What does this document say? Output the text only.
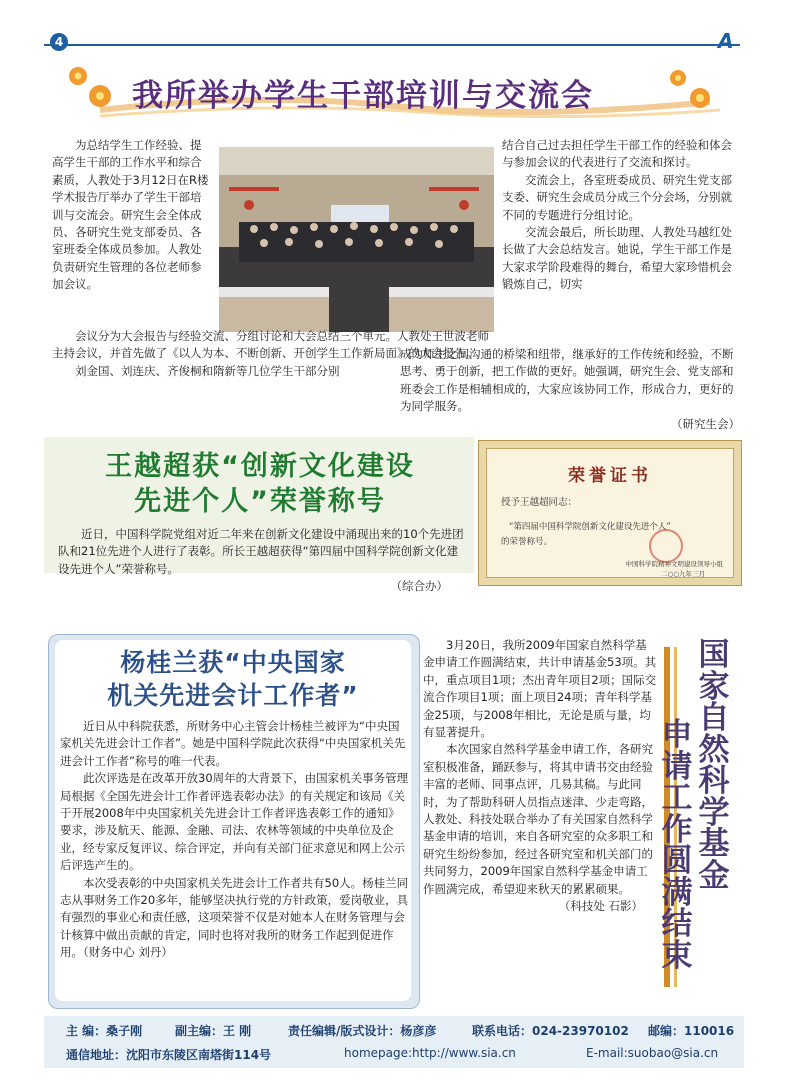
4	A
我所举办学生干部培训与交流会

为总结学生工作经验、提高学生干部的工作水平和综合素质，人教处于3月12日在R楼学术报告厅举办了学生干部培训与交流会。研究生会全体成员、各研究生党支部委员、各室班委全体成员参加。人教处负责研究生管理的各位老师参加会议。

结合自己过去担任学生干部工作的经验和体会与参加会议的代表进行了交流和探讨。

交流会上，各室班委成员、研究生党支部支委、研究生会成员分成三个分会场，分别就不同的专题进行分组讨论。

交流会最后，所长助理、人教处马越红处长做了大会总结发言。她说，学生干部工作是大家求学阶段难得的舞台，希望大家珍惜机会锻炼自己，切实

会议分为大会报告与经验交流、分组讨论和大会总结三个单元。人教处王世波老师主持会议，并首先做了《以人为本、不断创新、开创学生工作新局面》的大会报告。

刘金国、刘连庆、齐俊桐和隋新等几位学生干部分别

成为师生之间沟通的桥梁和纽带，继承好的工作传统和经验，不断思考、勇于创新，把工作做的更好。她强调，研究生会、党支部和班委会工作是相辅相成的，大家应该协同工作，形成合力，更好的为同学服务。

（研究生会）
王越超获“创新文化建设
先进个人”荣誉称号

近日，中国科学院党组对近二年来在创新文化建设中涌现出来的10个先进团队和21位先进个人进行了表彰。所长王越超获得“第四届中国科学院创新文化建设先进个人”荣誉称号。

（综合办）
荣誉证书
授予王越超同志：
“第四届中国科学院创新文化建设先进个人”
的荣誉称号。
中国科学院精神文明建设领导小组
二○○九年三月
杨桂兰获“中央国家
机关先进会计工作者”

近日从中科院获悉，所财务中心主管会计杨桂兰被评为“中央国家机关先进会计工作者”。她是中国科学院此次获得“中央国家机关先进会计工作者”称号的唯一代表。

此次评选是在改革开放30周年的大背景下，由国家机关事务管理局根据《全国先进会计工作者评选表彰办法》的有关规定和该局《关于开展2008年中央国家机关先进会计工作者评选表彰工作的通知》要求，涉及航天、能源、金融、司法、农林等领域的中央单位及企业，经专家反复评议、综合评定，并向有关部门征求意见和网上公示后评选产生的。

本次受表彰的中央国家机关先进会计工作者共有50人。杨桂兰同志从事财务工作20多年，能够坚决执行党的方针政策，爱岗敬业，具有强烈的事业心和责任感，这项荣誉不仅是对她本人在财务管理与会计核算中做出贡献的肯定，同时也将对我所的财务工作起到促进作用。（财务中心 刘丹）

3月20日，我所2009年国家自然科学基金申请工作圆满结束，共计申请基金53项。其中，重点项目1项；杰出青年项目2项；国际交流合作项目1项；面上项目24项；青年科学基金25项，与2008年相比，无论是质与量，均有显著提升。

本次国家自然科学基金申请工作，各研究室积极准备，踊跃参与，将其申请书交由经验丰富的老师、同事点评，几易其稿。与此同时，为了帮助科研人员指点迷津、少走弯路，人教处、科技处联合举办了有关国家自然科学基金申请的培训，来自各研究室的众多职工和研究生纷纷参加，经过各研究室和机关部门的共同努力，2009年国家自然科学基金申请工作圆满完成，希望迎来秋天的累累硕果。

（科技处 石影）
国家自然科学基金
申请工作圆满结束
主 编：桑子刚	副主编：王 刚	责任编辑/版式设计：杨彦彦	联系电话：024-23970102 邮编：110016
通信地址：沈阳市东陵区南塔街114号	homepage:http://www.sia.cn	E-mail:suobao@sia.cn
